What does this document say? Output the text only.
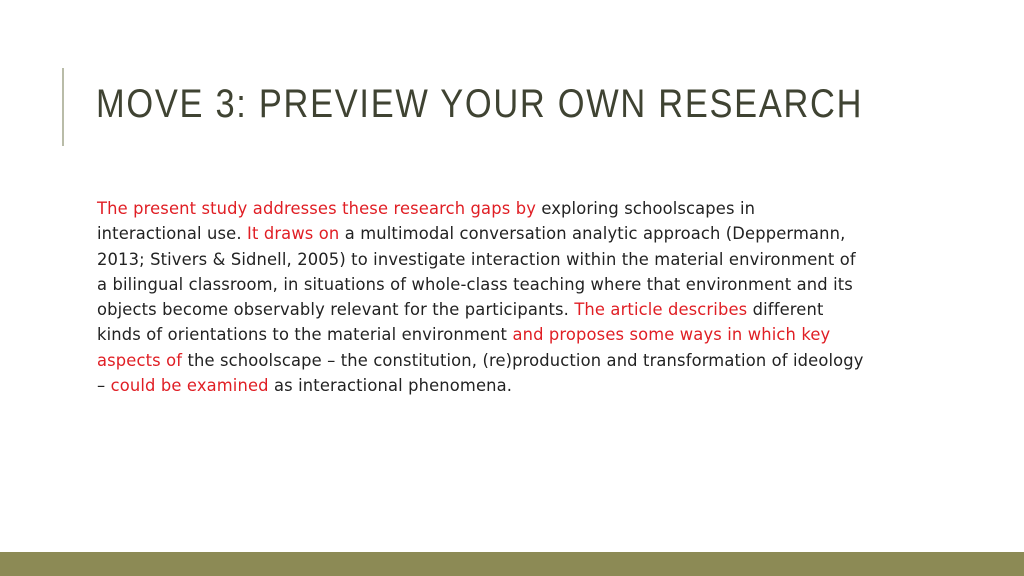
MOVE 3: PREVIEW YOUR OWN RESEARCH

The present study addresses these research gaps by exploring schoolscapes in interactional use. It draws on a multimodal conversation analytic approach (Deppermann, 2013; Stivers & Sidnell, 2005) to investigate interaction within the material environment of a bilingual classroom, in situations of whole-class teaching where that environment and its objects become observably relevant for the participants. The article describes different kinds of orientations to the material environment and proposes some ways in which key aspects of the schoolscape – the constitution, (re)production and transformation of ideology – could be examined as interactional phenomena.
